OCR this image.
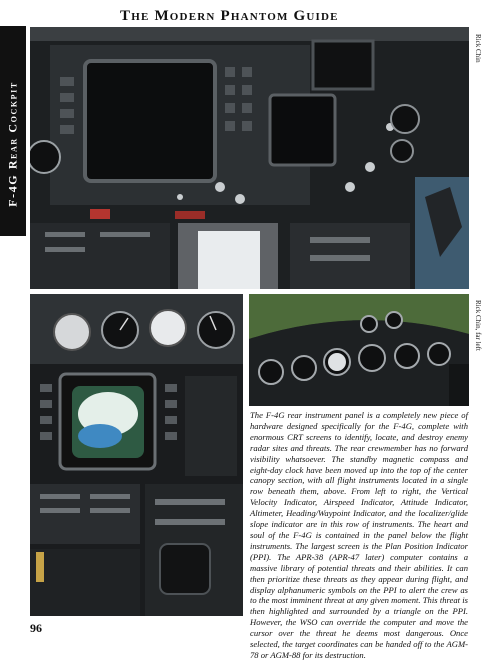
The Modern Phantom Guide
F-4G Rear Cockpit
Rick Chin
Rick Chin, far left

The F-4G rear instrument panel is a completely new piece of hardware designed specifically for the F-4G, complete with enormous CRT screens to identify, locate, and destroy enemy radar sites and threats. The rear crewmember has no forward visibility whatsoever. The standby magnetic compass and eight-day clock have been moved up into the top of the center canopy section, with all flight instruments located in a single row beneath them, above. From left to right, the Vertical Velocity Indicator, Airspeed Indicator, Attitude Indicator, Altimeter, Heading/Waypoint Indicator, and the localizer/glide slope indicator are in this row of instruments. The heart and soul of the F-4G is contained in the panel below the flight instruments. The largest screen is the Plan Position Indicator (PPI). The APR-38 (APR-47 later) computer contains a massive library of potential threats and their abilities. It can then prioritize these threats as they appear during flight, and display alphanumeric symbols on the PPI to alert the crew as to the most imminent threat at any given moment. This threat is then highlighted and surrounded by a triangle on the PPI. However, the WSO can override the computer and move the cursor over the threat he deems most dangerous. Once selected, the target coordinates can be handed off to the AGM-78 or AGM-88 for its destruction.

96
